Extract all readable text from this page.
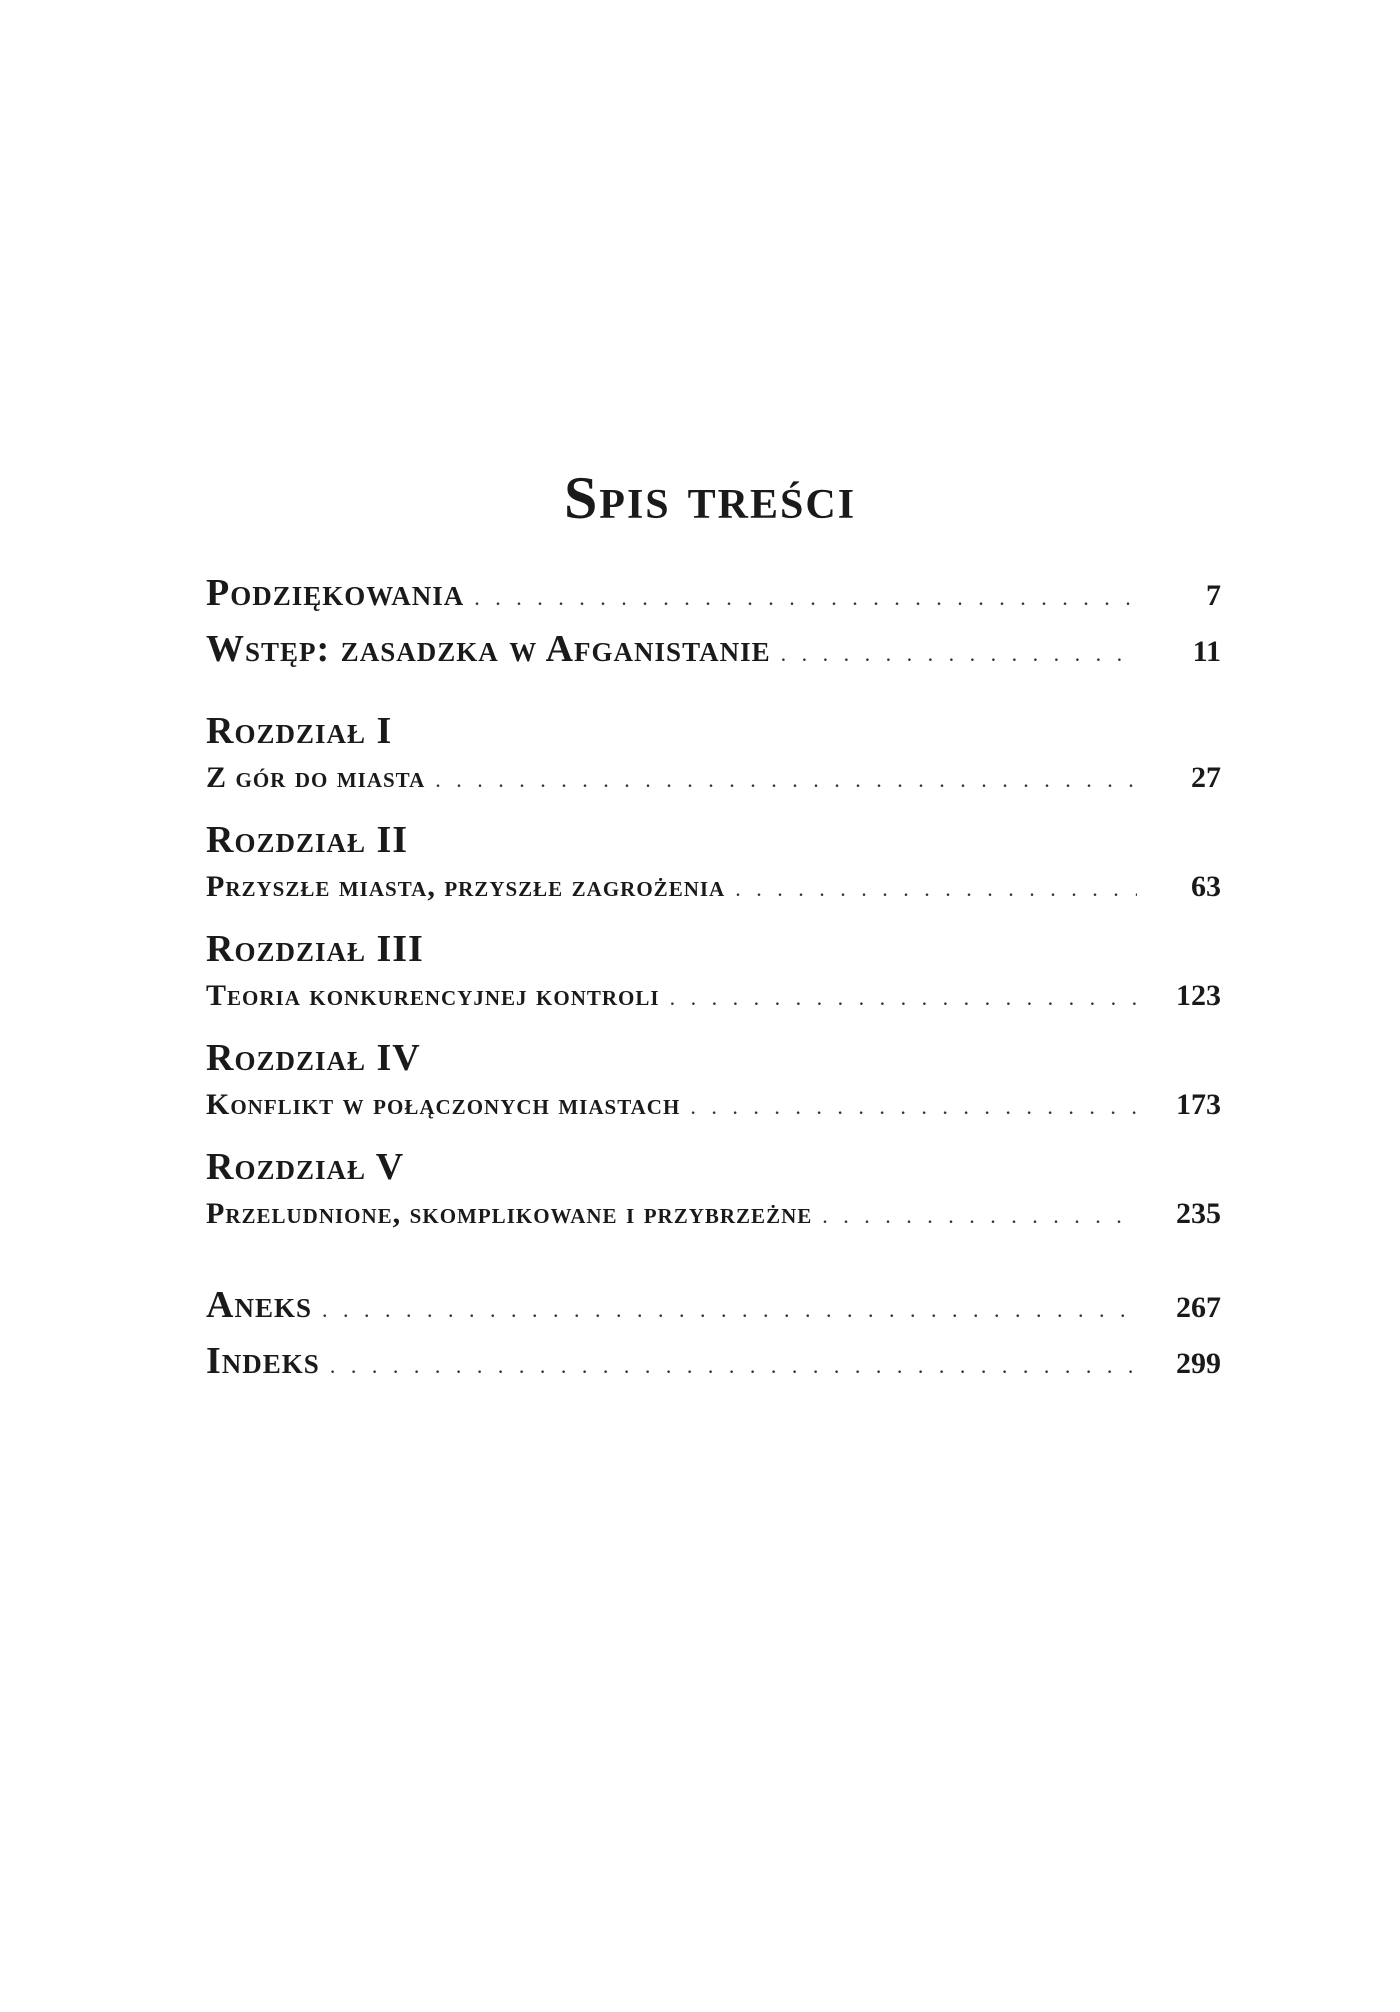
Spis treści
Podziękowania . . .	7
Wstęp: zasadzka w Afganistanie . . .	11
Rozdział I
Z gór do miasta . . .	27
Rozdział II
Przyszłe miasta, przyszłe zagrożenia . . .	63
Rozdział III
Teoria konkurencyjnej kontroli . . .	123
Rozdział IV
Konflikt w połączonych miastach . . .	173
Rozdział V
Przeludnione, skomplikowane i przybrzeżne . . .	235
Aneks . . .	267
Indeks . . .	299
